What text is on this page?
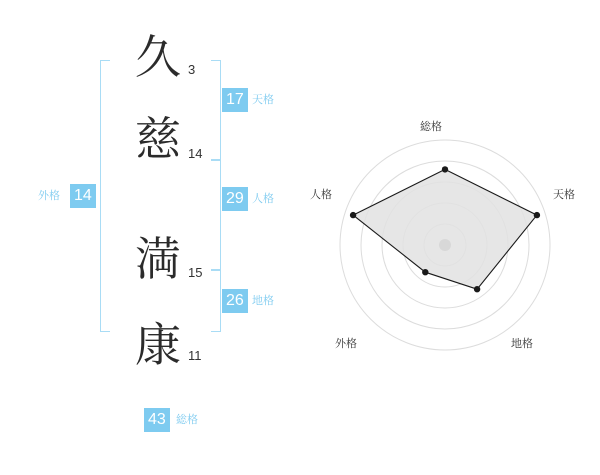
外格 14
久 3
慈 14
満 15
康 11
17 天格
29 人格
26 地格
43 総格
総格
天格
地格
外格
人格
